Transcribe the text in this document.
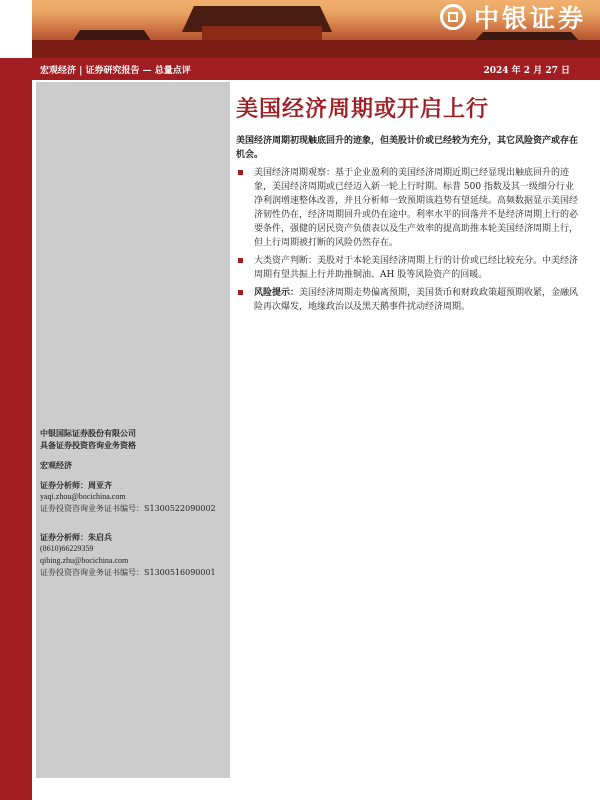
中银证券
宏观经济 | 证券研究报告 — 总量点评	2024 年 2 月 27 日
中银国际证券股份有限公司
具备证券投资咨询业务资格
宏观经济
证券分析师：周亚齐
yaqi.zhou@bocichina.com
证券投资咨询业务证书编号：S1300522090002
证券分析师：朱启兵
(8610)66229359
qibing.zhu@bocichina.com
证券投资咨询业务证书编号：S1300516090001
美国经济周期或开启上行
美国经济周期初现触底回升的迹象，但美股计价或已经较为充分，其它风险资产或存在机会。
美国经济周期观察：基于企业盈利的美国经济周期近期已经显现出触底回升的迹象，美国经济周期或已经迈入新一轮上行时期。标普 500 指数及其一级细分行业净利润增速整体改善，并且分析师一致预期该趋势有望延续。高频数据显示美国经济韧性仍在，经济周期回升或仍在途中。利率水平的回落并不是经济周期上行的必要条件，强健的居民资产负债表以及生产效率的提高助推本轮美国经济周期上行，但上行周期被打断的风险仍然存在。
大类资产判断：美股对于本轮美国经济周期上行的计价或已经比较充分。中美经济周期有望共振上行并助推铜油、AH 股等风险资产的回暖。
风险提示：美国经济周期走势偏离预期，美国货币和财政政策超预期收紧，金融风险再次爆发，地缘政治以及黑天鹅事件扰动经济周期。
